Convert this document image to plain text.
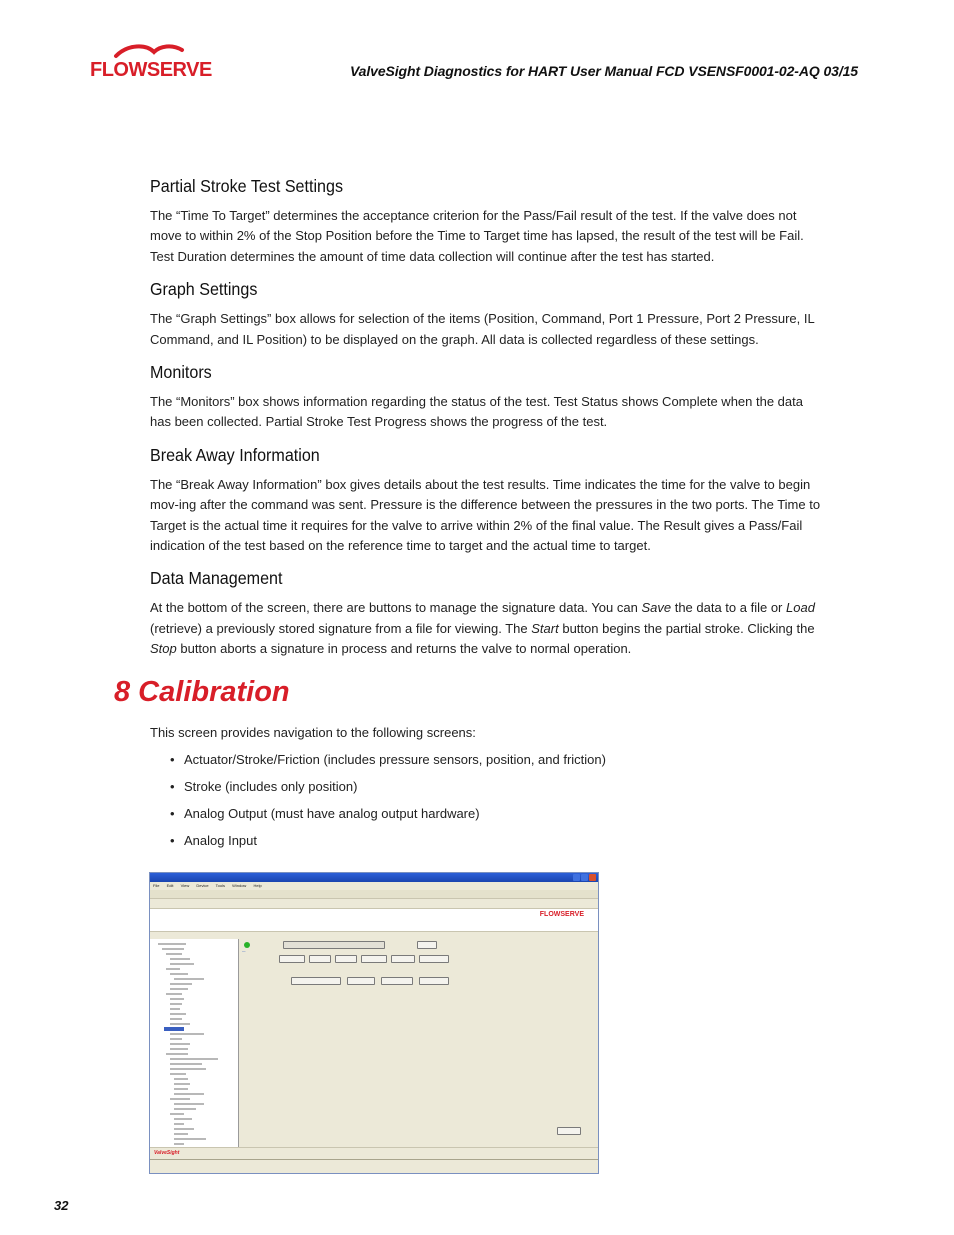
FLOWSERVE	ValveSight Diagnostics for HART User Manual FCD VSENSF0001-02-AQ 03/15
Partial Stroke Test Settings

The “Time To Target” determines the acceptance criterion for the Pass/Fail result of the test. If the valve does not move to within 2% of the Stop Position before the Time to Target time has lapsed, the result of the test will be Fail. Test Duration determines the amount of time data collection will continue after the test has started.

Graph Settings

The “Graph Settings” box allows for selection of the items (Position, Command, Port 1 Pressure, Port 2 Pressure, IL Command, and IL Position) to be displayed on the graph. All data is collected regardless of these settings.

Monitors

The “Monitors” box shows information regarding the status of the test. Test Status shows Complete when the data has been collected. Partial Stroke Test Progress shows the progress of the test.

Break Away Information

The “Break Away Information” box gives details about the test results. Time indicates the time for the valve to begin mov-ing after the command was sent. Pressure is the difference between the pressures in the two ports. The Time to Target is the actual time it requires for the valve to arrive within 2% of the final value. The Result gives a Pass/Fail indication of the test based on the reference time to target and the actual time to target.

Data Management

At the bottom of the screen, there are buttons to manage the signature data. You can Save the data to a file or Load (retrieve) a previously stored signature from a file for viewing. The Start button begins the partial stroke. Clicking the Stop button aborts a signature in process and returns the valve to normal operation.

8 Calibration
This screen provides navigation to the following screens:
• Actuator/Stroke/Friction (includes pressure sensors, position, and friction)
• Stroke (includes only position)
• Analog Output (must have analog output hardware)
• Analog Input
File Edit View Device Tools Window Help
FLOWSERVE
—
ValveSight
32
